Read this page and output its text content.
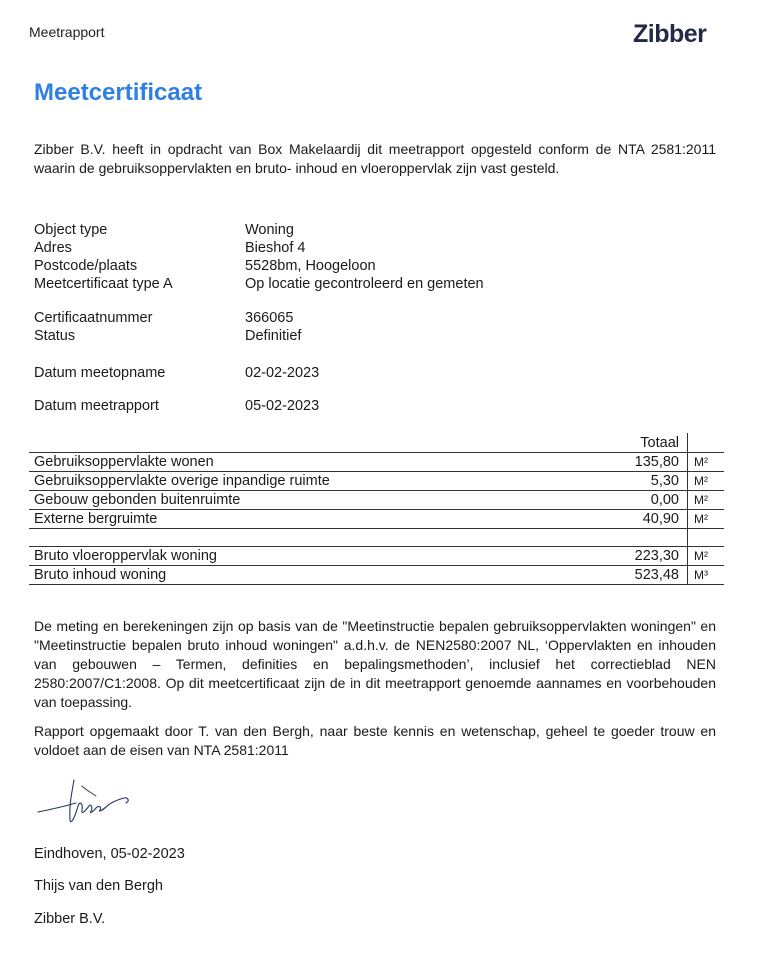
Meetrapport	Zibber
Meetcertificaat
Zibber B.V. heeft in opdracht van Box Makelaardij dit meetrapport opgesteld conform de NTA 2581:2011 waarin de gebruiksoppervlakten en bruto- inhoud en vloeroppervlak zijn vast gesteld.
Object type	Woning
Adres	Bieshof 4
Postcode/plaats	5528bm, Hoogeloon
Meetcertificaat type A	Op locatie gecontroleerd en gemeten
Certificaatnummer	366065
Status	Definitief
Datum meetopname	02-02-2023
Datum meetrapport	05-02-2023
	Totaal	
Gebruiksoppervlakte wonen	135,80	M²
Gebruiksoppervlakte overige inpandige ruimte	5,30	M²
Gebouw gebonden buitenruimte	0,00	M²
Externe bergruimte	40,90	M²

Bruto vloeroppervlak woning	223,30	M²
Bruto inhoud woning	523,48	M³
De meting en berekeningen zijn op basis van de "Meetinstructie bepalen gebruiksoppervlakten woningen" en "Meetinstructie bepalen bruto inhoud woningen" a.d.h.v. de NEN2580:2007 NL, ‘Oppervlakten en inhouden van gebouwen – Termen, definities en bepalingsmethoden’, inclusief het correctieblad NEN 2580:2007/C1:2008. Op dit meetcertificaat zijn de in dit meetrapport genoemde aannames en voorbehouden van toepassing.
Rapport opgemaakt door T. van den Bergh, naar beste kennis en wetenschap, geheel te goeder trouw en voldoet aan de eisen van NTA 2581:2011
Eindhoven, 05-02-2023
Thijs van den Bergh
Zibber B.V.
